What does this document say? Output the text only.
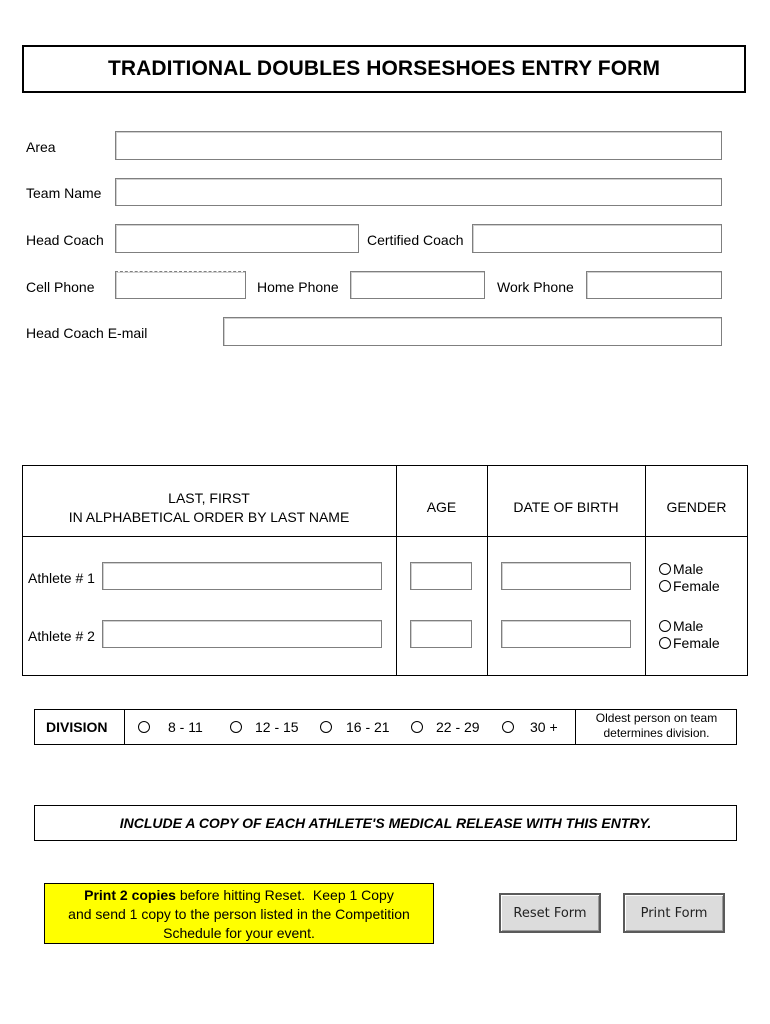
TRADITIONAL DOUBLES HORSESHOES ENTRY FORM
Area
Team Name
Head Coach	Certified Coach
Cell Phone	Home Phone	Work Phone
Head Coach E-mail
LAST, FIRST
IN ALPHABETICAL ORDER BY LAST NAME
AGE	DATE OF BIRTH	GENDER
Athlete # 1
Male
Female
Athlete # 2
Male
Female
DIVISION	8 - 11	12 - 15	16 - 21	22 - 29	30 +
Oldest person on team
determines division.
INCLUDE A COPY OF EACH ATHLETE'S MEDICAL RELEASE WITH THIS ENTRY.
Print 2 copies before hitting Reset.  Keep 1 Copy
and send 1 copy to the person listed in the Competition
Schedule for your event.
Reset Form	Print Form
